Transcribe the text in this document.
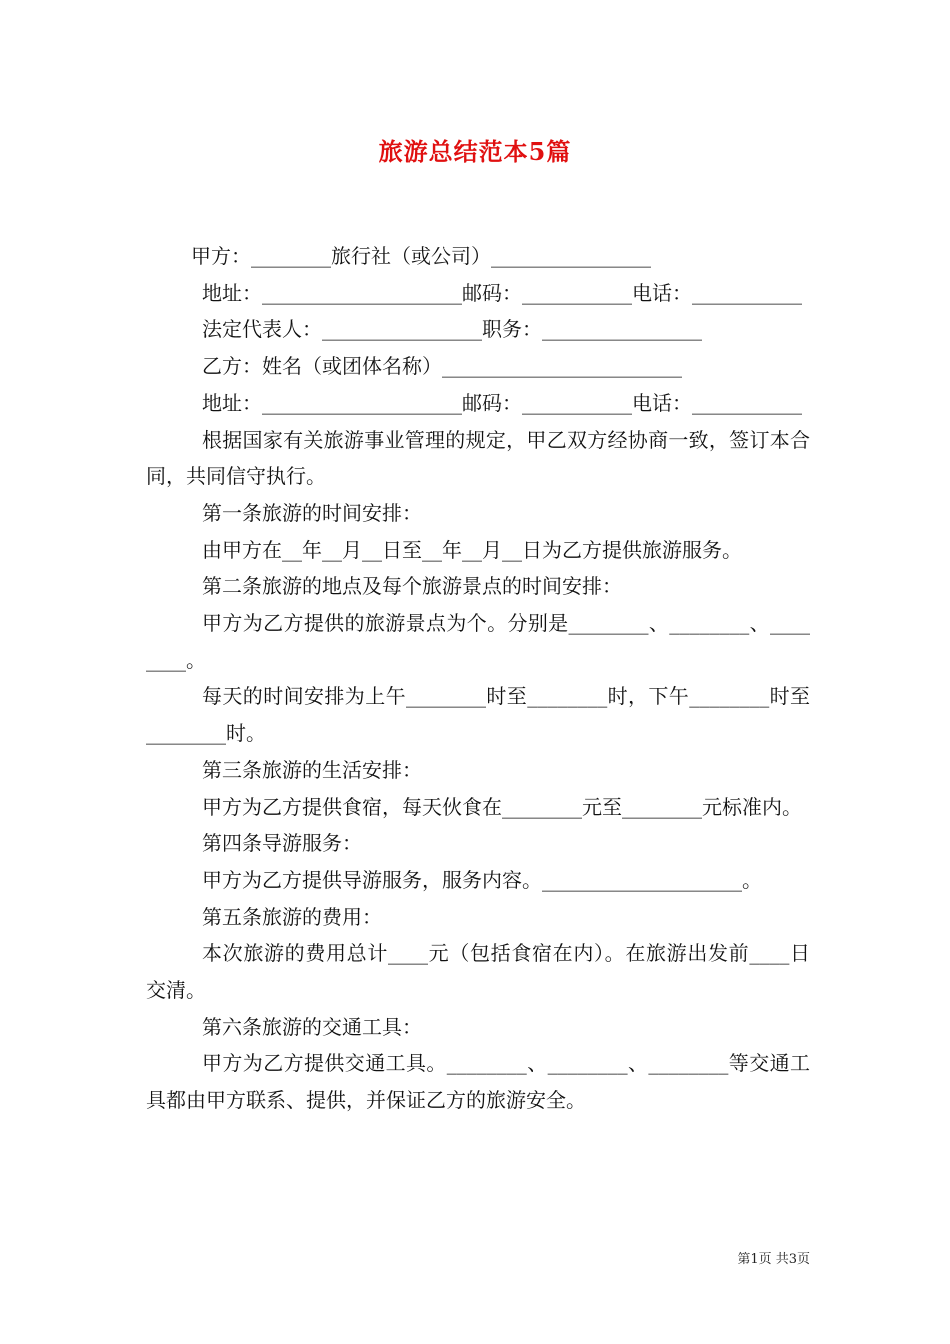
旅游总结范本5篇

甲方：________旅行社（或公司）________________

地址：____________________邮码：___________电话：___________

法定代表人：________________职务：________________

乙方：姓名（或团体名称）________________________

地址：____________________邮码：___________电话：___________

根据国家有关旅游事业管理的规定，甲乙双方经协商一致，签订本合同，共同信守执行。

第一条旅游的时间安排：

由甲方在__年__月__日至__年__月__日为乙方提供旅游服务。

第二条旅游的地点及每个旅游景点的时间安排：

甲方为乙方提供的旅游景点为个。分别是________、________、________。

每天的时间安排为上午________时至________时，下午________时至________时。

第三条旅游的生活安排：

甲方为乙方提供食宿，每天伙食在________元至________元标准内。

第四条导游服务：

甲方为乙方提供导游服务，服务内容。____________________。

第五条旅游的费用：

本次旅游的费用总计____元（包括食宿在内）。在旅游出发前____日交清。

第六条旅游的交通工具：

甲方为乙方提供交通工具。________、________、________等交通工具都由甲方联系、提供，并保证乙方的旅游安全。

第1页 共3页
